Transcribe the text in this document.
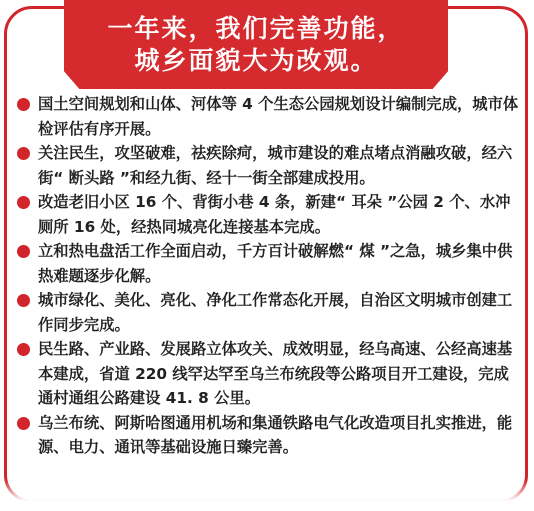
一年来，我们完善功能，
城乡面貌大为改观。
国土空间规划和山体、河体等 4 个生态公园规划设计编制完成，城市体检评估有序开展。
关注民生，攻坚破难，祛疾除疴，城市建设的难点堵点消融攻破，经六街“ 断头路 ”和经九街、经十一街全部建成投用。
改造老旧小区 16 个、背街小巷 4 条，新建“ 耳朵 ”公园 2 个、水冲厕所 16 处，经热同城亮化连接基本完成。
立和热电盘活工作全面启动，千方百计破解燃“ 煤 ”之急，城乡集中供热难题逐步化解。
城市绿化、美化、亮化、净化工作常态化开展，自治区文明城市创建工作同步完成。
民生路、产业路、发展路立体攻关、成效明显，经乌高速、公经高速基本建成，省道 220 线罕达罕至乌兰布统段等公路项目开工建设，完成通村通组公路建设 41. 8 公里。
乌兰布统、阿斯哈图通用机场和集通铁路电气化改造项目扎实推进，能源、电力、通讯等基础设施日臻完善。
